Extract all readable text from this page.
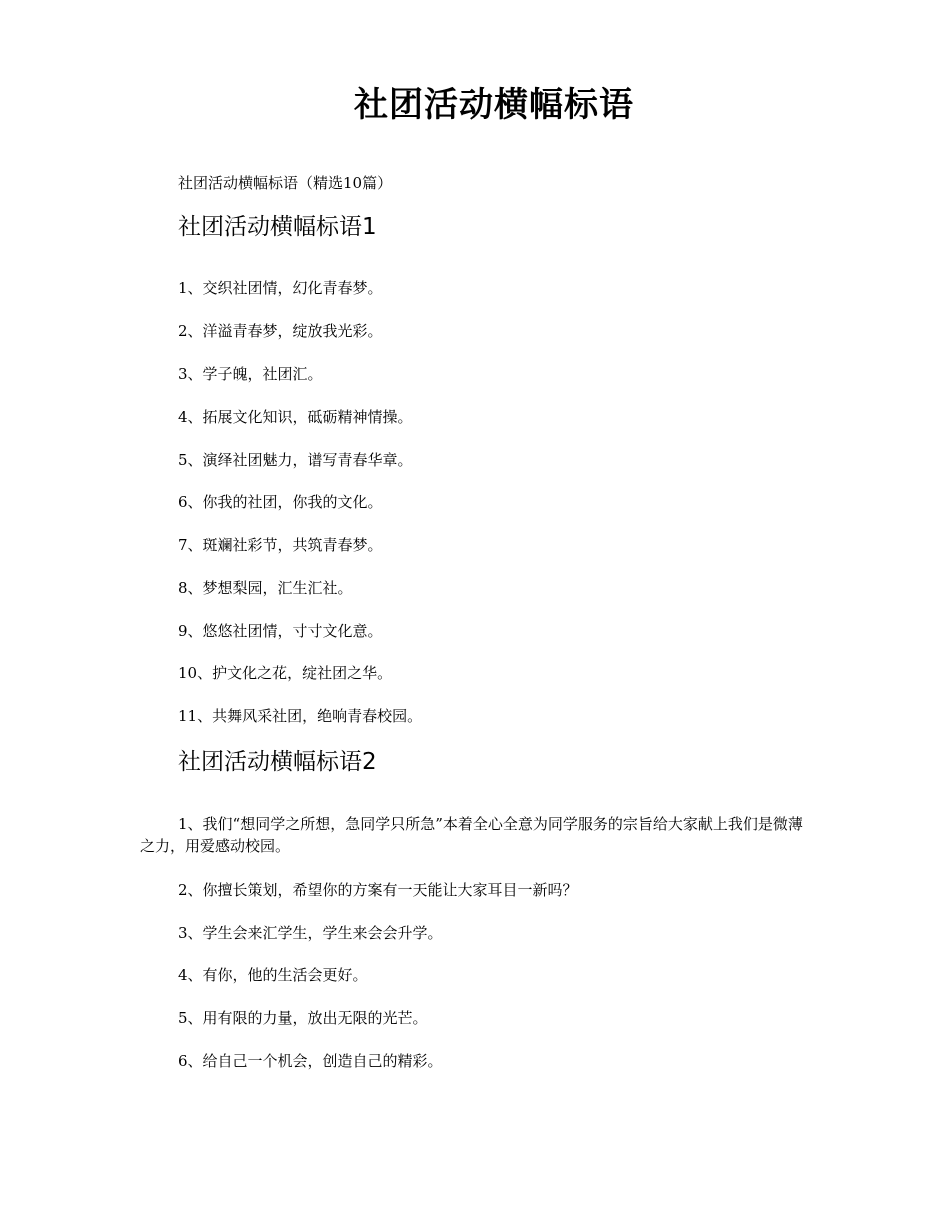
社团活动横幅标语
社团活动横幅标语（精选10篇）
社团活动横幅标语1
1、交织社团情，幻化青春梦。
2、洋溢青春梦，绽放我光彩。
3、学子魄，社团汇。
4、拓展文化知识，砥砺精神情操。
5、演绎社团魅力，谱写青春华章。
6、你我的社团，你我的文化。
7、斑斓社彩节，共筑青春梦。
8、梦想梨园，汇生汇社。
9、悠悠社团情，寸寸文化意。
10、护文化之花，绽社团之华。
11、共舞风采社团，绝响青春校园。
社团活动横幅标语2
1、我们“想同学之所想，急同学只所急”本着全心全意为同学服务的宗旨给大家献上我们是微薄之力，用爱感动校园。
2、你擅长策划，希望你的方案有一天能让大家耳目一新吗？
3、学生会来汇学生，学生来会会升学。
4、有你，他的生活会更好。
5、用有限的力量，放出无限的光芒。
6、给自己一个机会，创造自己的精彩。
